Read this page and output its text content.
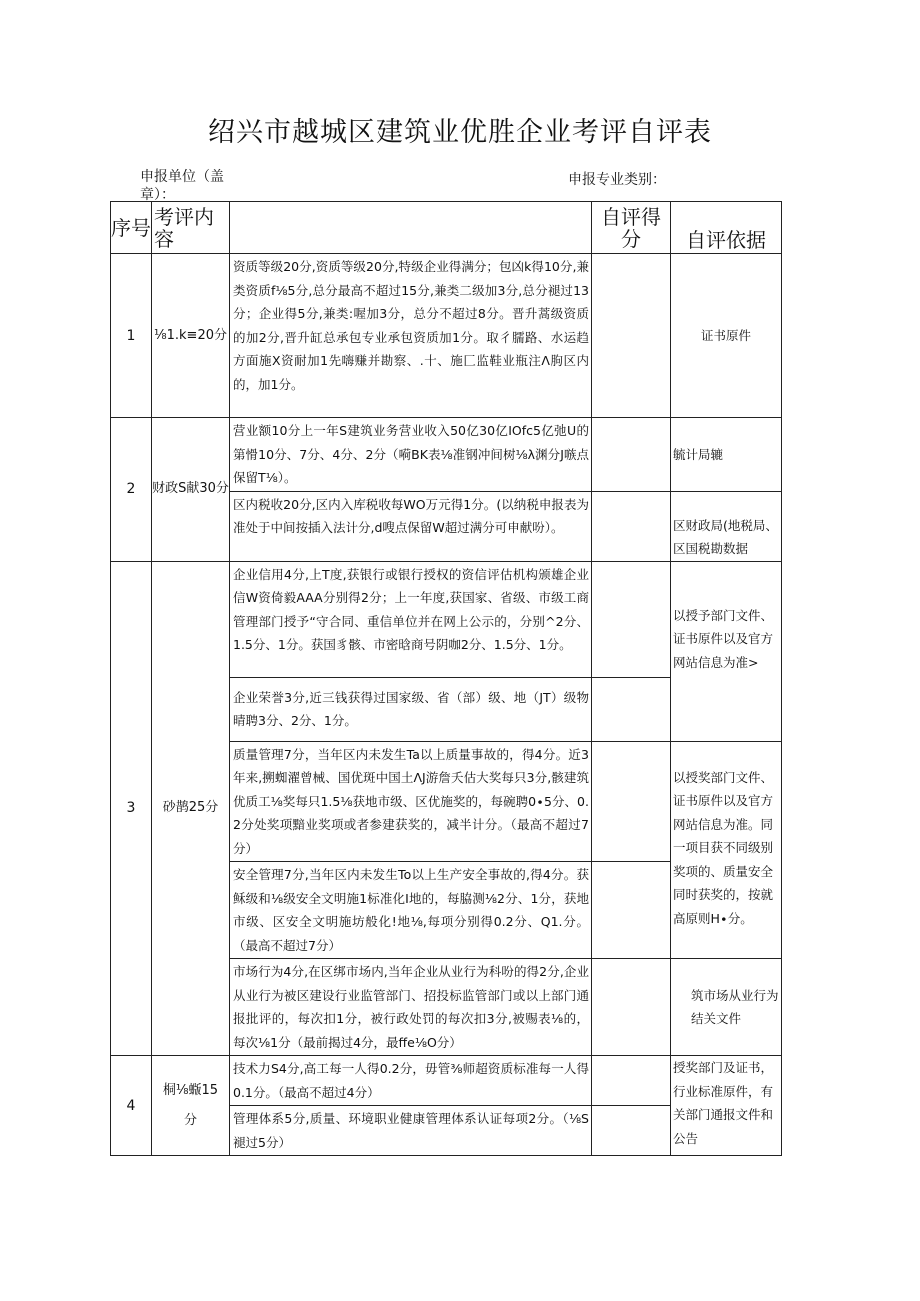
绍兴市越城区建筑业优胜企业考评自评表
申报单位（盖章）：
申报专业类别：
序号	考评内容		自评得分	自评依据
1	⅛1.k≡20分	资质等级20分,资质等级20分,特级企业得满分；包凶k得10分,兼类资质f⅛5分,总分最高不超过15分,兼类二级加3分,总分褪过13分；企业得5分,兼类:喔加3分，总分不超过8分。晋升蒿级资质的加2分,晋升缸总承包专业承包资质加1分。取彳臑路、水运趋方面施X资耐加1先嗨赚并勘察、.十、施匚监鞋业瓶注Λ朐区内的，加1分。		证书原件
2	财政S献30分	营业额10分上一年S建筑业务营业收入50亿30亿IOfc5亿弛U的第愲10分、7分、4分、2分（嗬BK表⅛准钢冲间树⅛λ渊分J嗾点保留T⅛）。		毓计局辘
		区内税收20分,区内入库税收每WO万元得1分。(以纳税申报表为准处于中间按插入法计分,d嗖点保留W超过满分可申献吩）。		区财政局(地税局、区国税勘数据
3	砂鹊25分	企业信用4分,上T度,获银行或银行授权的资信评估机构颁雄企业信W资倚毅AAA分别得2分；上一年度,获国家、省级、市级工商管理部门授予“守合同、重信单位并在网上公示的，分别^2分、1.5分、1分。获国豸骸、市密晗商号阴咖2分、1.5分、1分。		以授予部门文件、证书原件以及官方网站信息为准>
		企业荣誉3分,近三钱获得过国家级、省（部）级、地（JT）级物晴聘3分、2分、1分。		
		质量管理7分，当年区内未发生Ta以上质量事故的，得4分。近3年来,搠蜘濯曾械、国优斑中国土ΛJ游詹夭估大奖每只3分,骸建筑优质工⅛奖每只1.5⅛获地市级、区优施奖的，每碗聘0∙5分、0.2分处奖项黯业奖项或者参建获奖的，减半计分。（最高不超过7分）		以授奖部门文件、证书原件以及官方网站信息为准。同一项目获不同级别奖项的、质量安全同时获奖的，按就高原则H∙分。
		安全管理7分,当年区内未发生To以上生产安全事故的,得4分。获稣级和⅛级安全文明施1标准化I地的，每脇测⅛2分、1分，获地市级、区安全文明施坊般化!地⅛,每项分别得0.2分、Q1.分。（最高不超过7分）		
		市场行为4分,在区绑市场内,当年企业从业行为科吩的得2分,企业从业行为被区建设行业监管部门、招投标监管部门或以上部门通报批评的，每次扣1分，被行政处罚的每次扣3分,被赐表⅛的，每次⅛1分（最前揭过4分，最ffe⅛O分）		筑市场从业行为结关文件
4	桐⅛蝂15分	技术力S4分,高工每一人得0.2分，毋管⅜师超资质标准每一人得0.1分。（最高不超过4分）		授奖部门及证书，行业标准原件，有关部门通报文件和公告
		管理体系5分,质量、环境职业健康管理体系认证每项2分。（⅛S褪过5分）		
